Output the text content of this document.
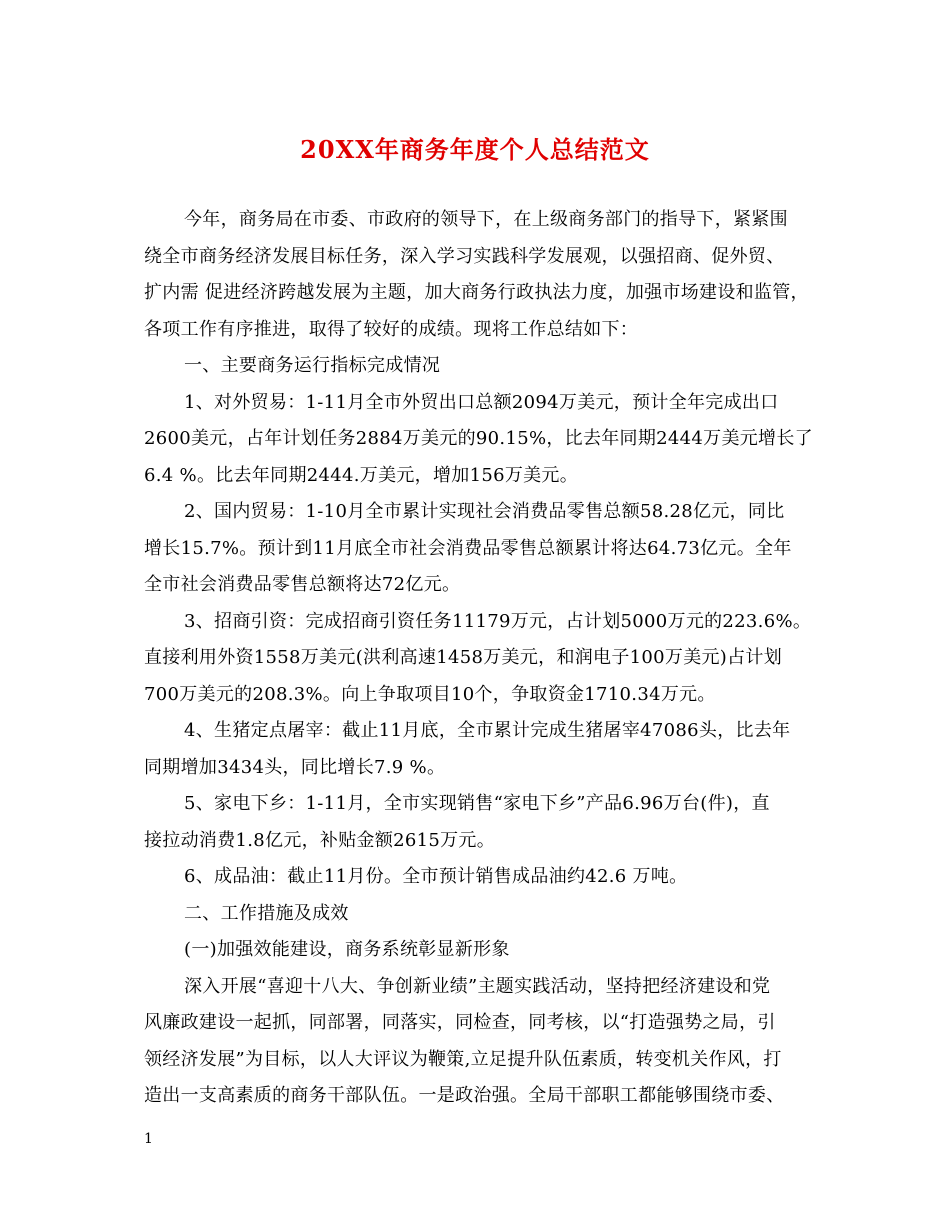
20XX年商务年度个人总结范文
今年，商务局在市委、市政府的领导下，在上级商务部门的指导下，紧紧围
绕全市商务经济发展目标任务，深入学习实践科学发展观，以强招商、促外贸、
扩内需 促进经济跨越发展为主题，加大商务行政执法力度，加强市场建设和监管，
各项工作有序推进，取得了较好的成绩。现将工作总结如下：
一、主要商务运行指标完成情况
1、对外贸易：1-11月全市外贸出口总额2094万美元，预计全年完成出口
2600美元，占年计划任务2884万美元的90.15%，比去年同期2444万美元增长了
6.4 %。比去年同期2444.万美元，增加156万美元。
2、国内贸易：1-10月全市累计实现社会消费品零售总额58.28亿元，同比
增长15.7%。预计到11月底全市社会消费品零售总额累计将达64.73亿元。全年
全市社会消费品零售总额将达72亿元。
3、招商引资：完成招商引资任务11179万元，占计划5000万元的223.6%。
直接利用外资1558万美元(洪利高速1458万美元，和润电子100万美元)占计划
700万美元的208.3%。向上争取项目10个，争取资金1710.34万元。
4、生猪定点屠宰：截止11月底，全市累计完成生猪屠宰47086头，比去年
同期增加3434头，同比增长7.9 %。
5、家电下乡：1-11月，全市实现销售“家电下乡”产品6.96万台(件)，直
接拉动消费1.8亿元，补贴金额2615万元。
6、成品油：截止11月份。全市预计销售成品油约42.6 万吨。
二、工作措施及成效
(一)加强效能建设，商务系统彰显新形象
深入开展“喜迎十八大、争创新业绩”主题实践活动，坚持把经济建设和党
风廉政建设一起抓，同部署，同落实，同检查，同考核，以“打造强势之局，引
领经济发展”为目标，以人大评议为鞭策,立足提升队伍素质，转变机关作风，打
造出一支高素质的商务干部队伍。一是政治强。全局干部职工都能够围绕市委、
1
